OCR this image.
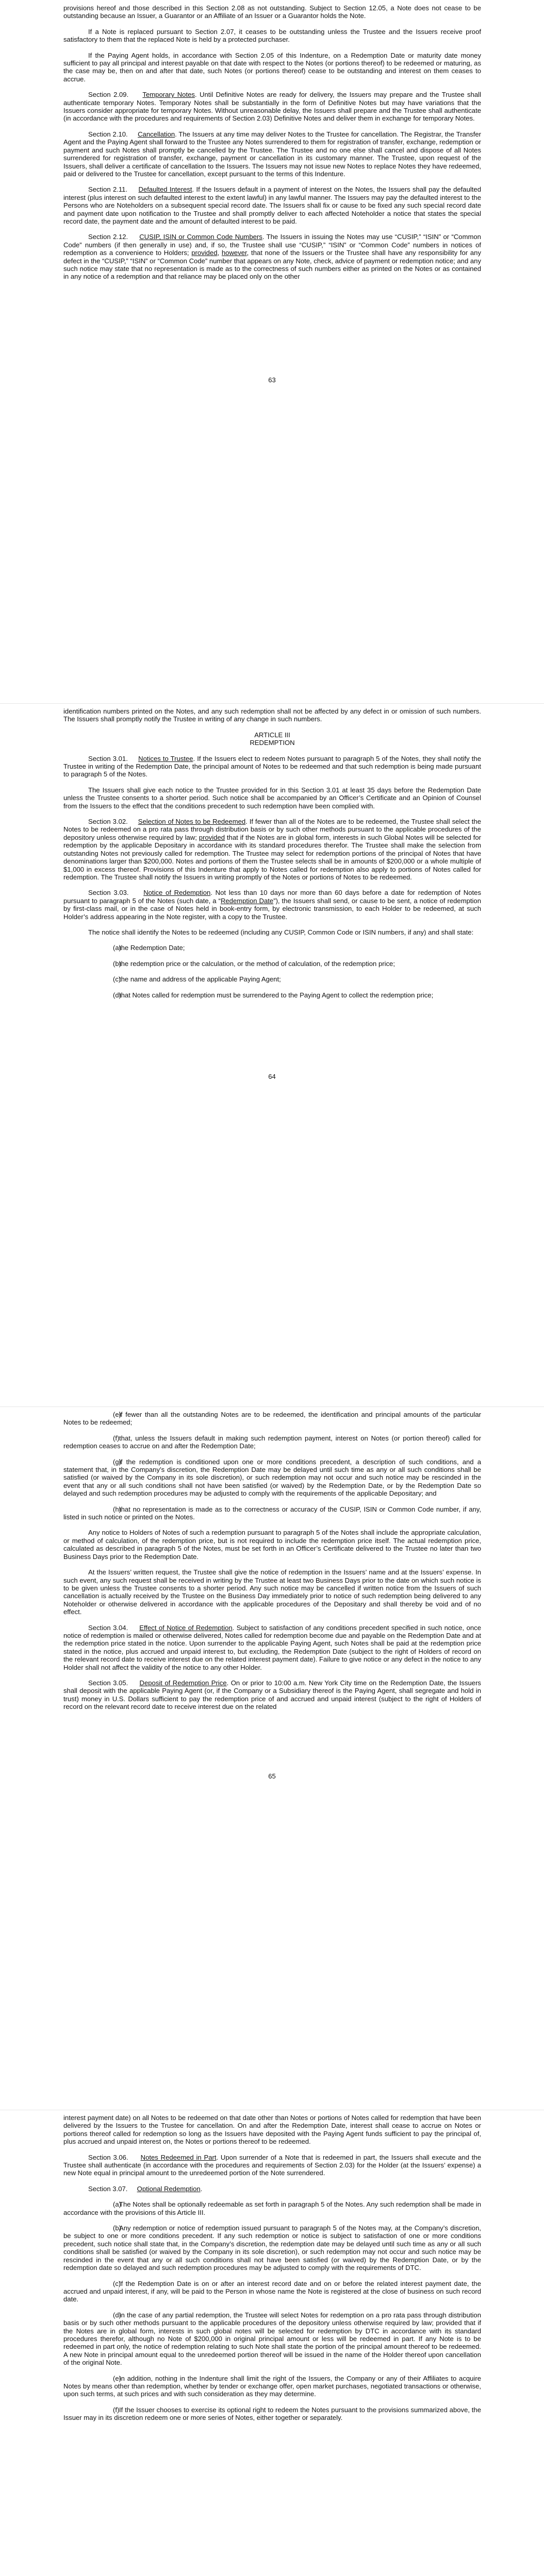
provisions hereof and those described in this Section 2.08 as not outstanding. Subject to Section 12.05, a Note does not cease to be outstanding because an Issuer, a Guarantor or an Affiliate of an Issuer or a Guarantor holds the Note.

If a Note is replaced pursuant to Section 2.07, it ceases to be outstanding unless the Trustee and the Issuers receive proof satisfactory to them that the replaced Note is held by a protected purchaser.

If the Paying Agent holds, in accordance with Section 2.05 of this Indenture, on a Redemption Date or maturity date money sufficient to pay all principal and interest payable on that date with respect to the Notes (or portions thereof) to be redeemed or maturing, as the case may be, then on and after that date, such Notes (or portions thereof) cease to be outstanding and interest on them ceases to accrue.

Section 2.09. Temporary Notes. Until Definitive Notes are ready for delivery, the Issuers may prepare and the Trustee shall authenticate temporary Notes. Temporary Notes shall be substantially in the form of Definitive Notes but may have variations that the Issuers consider appropriate for temporary Notes. Without unreasonable delay, the Issuers shall prepare and the Trustee shall authenticate (in accordance with the procedures and requirements of Section 2.03) Definitive Notes and deliver them in exchange for temporary Notes.

Section 2.10. Cancellation. The Issuers at any time may deliver Notes to the Trustee for cancellation. The Registrar, the Transfer Agent and the Paying Agent shall forward to the Trustee any Notes surrendered to them for registration of transfer, exchange, redemption or payment and such Notes shall promptly be cancelled by the Trustee. The Trustee and no one else shall cancel and dispose of all Notes surrendered for registration of transfer, exchange, payment or cancellation in its customary manner. The Trustee, upon request of the Issuers, shall deliver a certificate of cancellation to the Issuers. The Issuers may not issue new Notes to replace Notes they have redeemed, paid or delivered to the Trustee for cancellation, except pursuant to the terms of this Indenture.

Section 2.11. Defaulted Interest. If the Issuers default in a payment of interest on the Notes, the Issuers shall pay the defaulted interest (plus interest on such defaulted interest to the extent lawful) in any lawful manner. The Issuers may pay the defaulted interest to the Persons who are Noteholders on a subsequent special record date. The Issuers shall fix or cause to be fixed any such special record date and payment date upon notification to the Trustee and shall promptly deliver to each affected Noteholder a notice that states the special record date, the payment date and the amount of defaulted interest to be paid.

Section 2.12. CUSIP, ISIN or Common Code Numbers. The Issuers in issuing the Notes may use “CUSIP,” “ISIN” or “Common Code” numbers (if then generally in use) and, if so, the Trustee shall use “CUSIP,” “ISIN” or “Common Code” numbers in notices of redemption as a convenience to Holders; provided, however, that none of the Issuers or the Trustee shall have any responsibility for any defect in the “CUSIP,” “ISIN” or “Common Code” number that appears on any Note, check, advice of payment or redemption notice; and any such notice may state that no representation is made as to the correctness of such numbers either as printed on the Notes or as contained in any notice of a redemption and that reliance may be placed only on the other

63

identification numbers printed on the Notes, and any such redemption shall not be affected by any defect in or omission of such numbers. The Issuers shall promptly notify the Trustee in writing of any change in such numbers.

ARTICLE III

REDEMPTION

Section 3.01. Notices to Trustee. If the Issuers elect to redeem Notes pursuant to paragraph 5 of the Notes, they shall notify the Trustee in writing of the Redemption Date, the principal amount of Notes to be redeemed and that such redemption is being made pursuant to paragraph 5 of the Notes.

The Issuers shall give each notice to the Trustee provided for in this Section 3.01 at least 35 days before the Redemption Date unless the Trustee consents to a shorter period. Such notice shall be accompanied by an Officer’s Certificate and an Opinion of Counsel from the Issuers to the effect that the conditions precedent to such redemption have been complied with.

Section 3.02. Selection of Notes to be Redeemed. If fewer than all of the Notes are to be redeemed, the Trustee shall select the Notes to be redeemed on a pro rata pass through distribution basis or by such other methods pursuant to the applicable procedures of the depository unless otherwise required by law; provided that if the Notes are in global form, interests in such Global Notes will be selected for redemption by the applicable Depositary in accordance with its standard procedures therefor. The Trustee shall make the selection from outstanding Notes not previously called for redemption. The Trustee may select for redemption portions of the principal of Notes that have denominations larger than $200,000. Notes and portions of them the Trustee selects shall be in amounts of $200,000 or a whole multiple of $1,000 in excess thereof. Provisions of this Indenture that apply to Notes called for redemption also apply to portions of Notes called for redemption. The Trustee shall notify the Issuers in writing promptly of the Notes or portions of Notes to be redeemed.

Section 3.03. Notice of Redemption. Not less than 10 days nor more than 60 days before a date for redemption of Notes pursuant to paragraph 5 of the Notes (such date, a “Redemption Date”), the Issuers shall send, or cause to be sent, a notice of redemption by first-class mail, or in the case of Notes held in book-entry form, by electronic transmission, to each Holder to be redeemed, at such Holder’s address appearing in the Note register, with a copy to the Trustee.

The notice shall identify the Notes to be redeemed (including any CUSIP, Common Code or ISIN numbers, if any) and shall state:

(a)the Redemption Date;

(b)the redemption price or the calculation, or the method of calculation, of the redemption price;

(c)the name and address of the applicable Paying Agent;

(d)that Notes called for redemption must be surrendered to the Paying Agent to collect the redemption price;

64

(e)if fewer than all the outstanding Notes are to be redeemed, the identification and principal amounts of the particular Notes to be redeemed;

(f)that, unless the Issuers default in making such redemption payment, interest on Notes (or portion thereof) called for redemption ceases to accrue on and after the Redemption Date;

(g)if the redemption is conditioned upon one or more conditions precedent, a description of such conditions, and a statement that, in the Company’s discretion, the Redemption Date may be delayed until such time as any or all such conditions shall be satisfied (or waived by the Company in its sole discretion), or such redemption may not occur and such notice may be rescinded in the event that any or all such conditions shall not have been satisfied (or waived) by the Redemption Date, or by the Redemption Date so delayed and such redemption procedures may be adjusted to comply with the requirements of the applicable Depositary; and

(h)that no representation is made as to the correctness or accuracy of the CUSIP, ISIN or Common Code number, if any, listed in such notice or printed on the Notes.

Any notice to Holders of Notes of such a redemption pursuant to paragraph 5 of the Notes shall include the appropriate calculation, or method of calculation, of the redemption price, but is not required to include the redemption price itself. The actual redemption price, calculated as described in paragraph 5 of the Notes, must be set forth in an Officer’s Certificate delivered to the Trustee no later than two Business Days prior to the Redemption Date.

At the Issuers’ written request, the Trustee shall give the notice of redemption in the Issuers’ name and at the Issuers’ expense. In such event, any such request shall be received in writing by the Trustee at least two Business Days prior to the date on which such notice is to be given unless the Trustee consents to a shorter period. Any such notice may be cancelled if written notice from the Issuers of such cancellation is actually received by the Trustee on the Business Day immediately prior to notice of such redemption being delivered to any Noteholder or otherwise delivered in accordance with the applicable procedures of the Depositary and shall thereby be void and of no effect.

Section 3.04. Effect of Notice of Redemption. Subject to satisfaction of any conditions precedent specified in such notice, once notice of redemption is mailed or otherwise delivered, Notes called for redemption become due and payable on the Redemption Date and at the redemption price stated in the notice. Upon surrender to the applicable Paying Agent, such Notes shall be paid at the redemption price stated in the notice, plus accrued and unpaid interest to, but excluding, the Redemption Date (subject to the right of Holders of record on the relevant record date to receive interest due on the related interest payment date). Failure to give notice or any defect in the notice to any Holder shall not affect the validity of the notice to any other Holder.

Section 3.05. Deposit of Redemption Price. On or prior to 10:00 a.m. New York City time on the Redemption Date, the Issuers shall deposit with the applicable Paying Agent (or, if the Company or a Subsidiary thereof is the Paying Agent, shall segregate and hold in trust) money in U.S. Dollars sufficient to pay the redemption price of and accrued and unpaid interest (subject to the right of Holders of record on the relevant record date to receive interest due on the related

65

interest payment date) on all Notes to be redeemed on that date other than Notes or portions of Notes called for redemption that have been delivered by the Issuers to the Trustee for cancellation. On and after the Redemption Date, interest shall cease to accrue on Notes or portions thereof called for redemption so long as the Issuers have deposited with the Paying Agent funds sufficient to pay the principal of, plus accrued and unpaid interest on, the Notes or portions thereof to be redeemed.

Section 3.06. Notes Redeemed in Part. Upon surrender of a Note that is redeemed in part, the Issuers shall execute and the Trustee shall authenticate (in accordance with the procedures and requirements of Section 2.03) for the Holder (at the Issuers’ expense) a new Note equal in principal amount to the unredeemed portion of the Note surrendered.

Section 3.07. Optional Redemption.

(a)The Notes shall be optionally redeemable as set forth in paragraph 5 of the Notes. Any such redemption shall be made in accordance with the provisions of this Article III.

(b)Any redemption or notice of redemption issued pursuant to paragraph 5 of the Notes may, at the Company’s discretion, be subject to one or more conditions precedent. If any such redemption or notice is subject to satisfaction of one or more conditions precedent, such notice shall state that, in the Company’s discretion, the redemption date may be delayed until such time as any or all such conditions shall be satisfied (or waived by the Company in its sole discretion), or such redemption may not occur and such notice may be rescinded in the event that any or all such conditions shall not have been satisfied (or waived) by the Redemption Date, or by the redemption date so delayed and such redemption procedures may be adjusted to comply with the requirements of DTC.

(c)If the Redemption Date is on or after an interest record date and on or before the related interest payment date, the accrued and unpaid interest, if any, will be paid to the Person in whose name the Note is registered at the close of business on such record date.

(d)In the case of any partial redemption, the Trustee will select Notes for redemption on a pro rata pass through distribution basis or by such other methods pursuant to the applicable procedures of the depository unless otherwise required by law; provided that if the Notes are in global form, interests in such global notes will be selected for redemption by DTC in accordance with its standard procedures therefor, although no Note of $200,000 in original principal amount or less will be redeemed in part. If any Note is to be redeemed in part only, the notice of redemption relating to such Note shall state the portion of the principal amount thereof to be redeemed. A new Note in principal amount equal to the unredeemed portion thereof will be issued in the name of the Holder thereof upon cancellation of the original Note.

(e)In addition, nothing in the Indenture shall limit the right of the Issuers, the Company or any of their Affiliates to acquire Notes by means other than redemption, whether by tender or exchange offer, open market purchases, negotiated transactions or otherwise, upon such terms, at such prices and with such consideration as they may determine.

(f)If the Issuer chooses to exercise its optional right to redeem the Notes pursuant to the provisions summarized above, the Issuer may in its discretion redeem one or more series of Notes, either together or separately.
